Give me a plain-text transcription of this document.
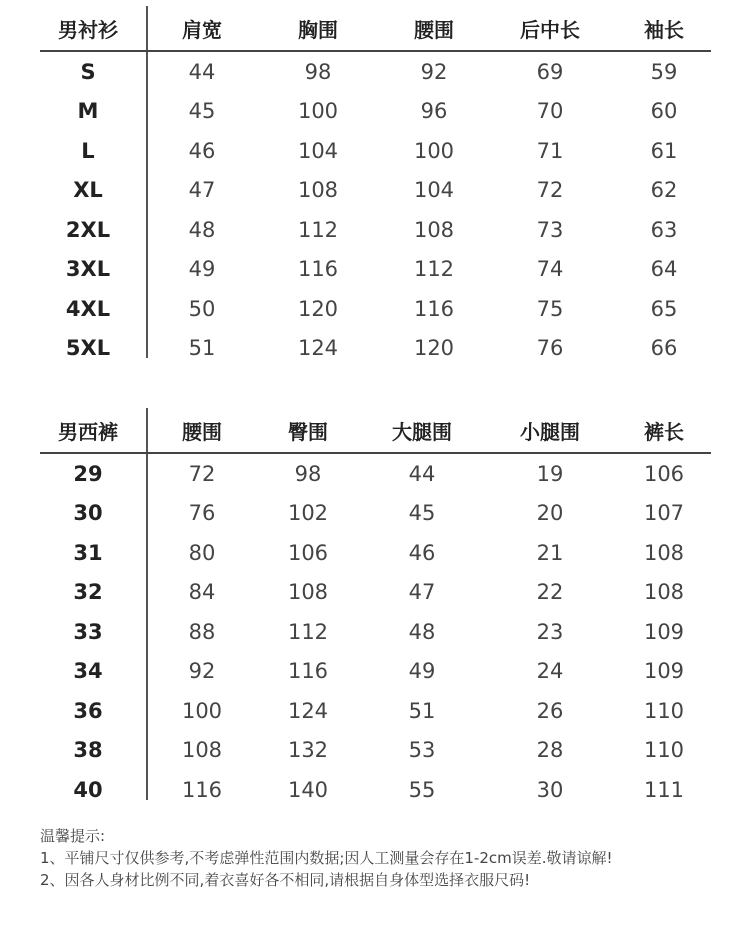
男衬衫	肩宽	胸围	腰围	后中长	袖长
S	44	98	92	69	59
M	45	100	96	70	60
L	46	104	100	71	61
XL	47	108	104	72	62
2XL	48	112	108	73	63
3XL	49	116	112	74	64
4XL	50	120	116	75	65
5XL	51	124	120	76	66
男西裤	腰围	臀围	大腿围	小腿围	裤长
29	72	98	44	19	106
30	76	102	45	20	107
31	80	106	46	21	108
32	84	108	47	22	108
33	88	112	48	23	109
34	92	116	49	24	109
36	100	124	51	26	110
38	108	132	53	28	110
40	116	140	55	30	111
温馨提示:
1、平铺尺寸仅供参考,不考虑弹性范围内数据;因人工测量会存在1-2cm误差.敬请谅解!
2、因各人身材比例不同,着衣喜好各不相同,请根据自身体型选择衣服尺码!
